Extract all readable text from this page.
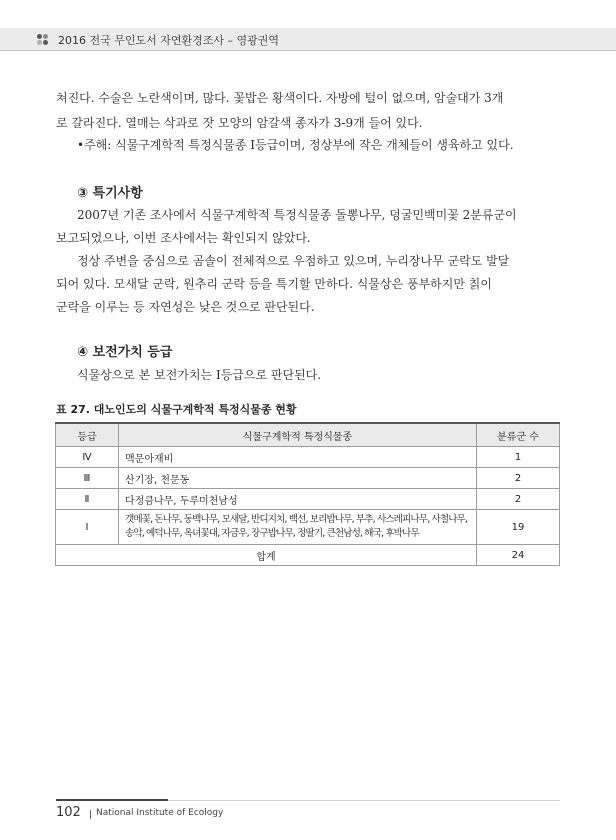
2016 전국 무인도서 자연환경조사 – 영광권역
쳐진다. 수술은 노란색이며, 많다. 꽃밥은 황색이다. 자방에 털이 없으며, 암술대가 3개
로 갈라진다. 열매는 삭과로 잣 모양의 암갈색 종자가 3-9개 들어 있다.
•주해: 식물구계학적 특정식물종 I등급이며, 정상부에 작은 개체들이 생육하고 있다.
③ 특기사항
2007년 기존 조사에서 식물구계학적 특정식물종 돌뽕나무, 덩굴민백미꽃 2분류군이
보고되었으나, 이번 조사에서는 확인되지 않았다.
정상 주변을 중심으로 곰솔이 전체적으로 우점하고 있으며, 누리장나무 군락도 발달
되어 있다. 모새달 군락, 원추리 군락 등을 특기할 만하다. 식물상은 풍부하지만 칡이
군락을 이루는 등 자연성은 낮은 것으로 판단된다.
④ 보전가치 등급
식물상으로 본 보전가치는 I등급으로 판단된다.
표 27. 대노인도의 식물구계학적 특정식물종 현황
등급	식물구계학적 특정식물종	분류군 수
Ⅳ	맥문아재비	1
Ⅲ	산기장, 천문동	2
Ⅱ	다정큼나무, 두루미천남성	2
Ⅰ	갯메꽃, 돈나무, 동백나무, 모새달, 반디지치, 백선, 보리밥나무, 부추, 사스레피나무, 사철나무,
송악, 예덕나무, 옥녀꽃대, 자금우, 장구밥나무, 정딸기, 큰천남성, 해국, 후박나무	19
합계		24
102 National Institute of Ecology
